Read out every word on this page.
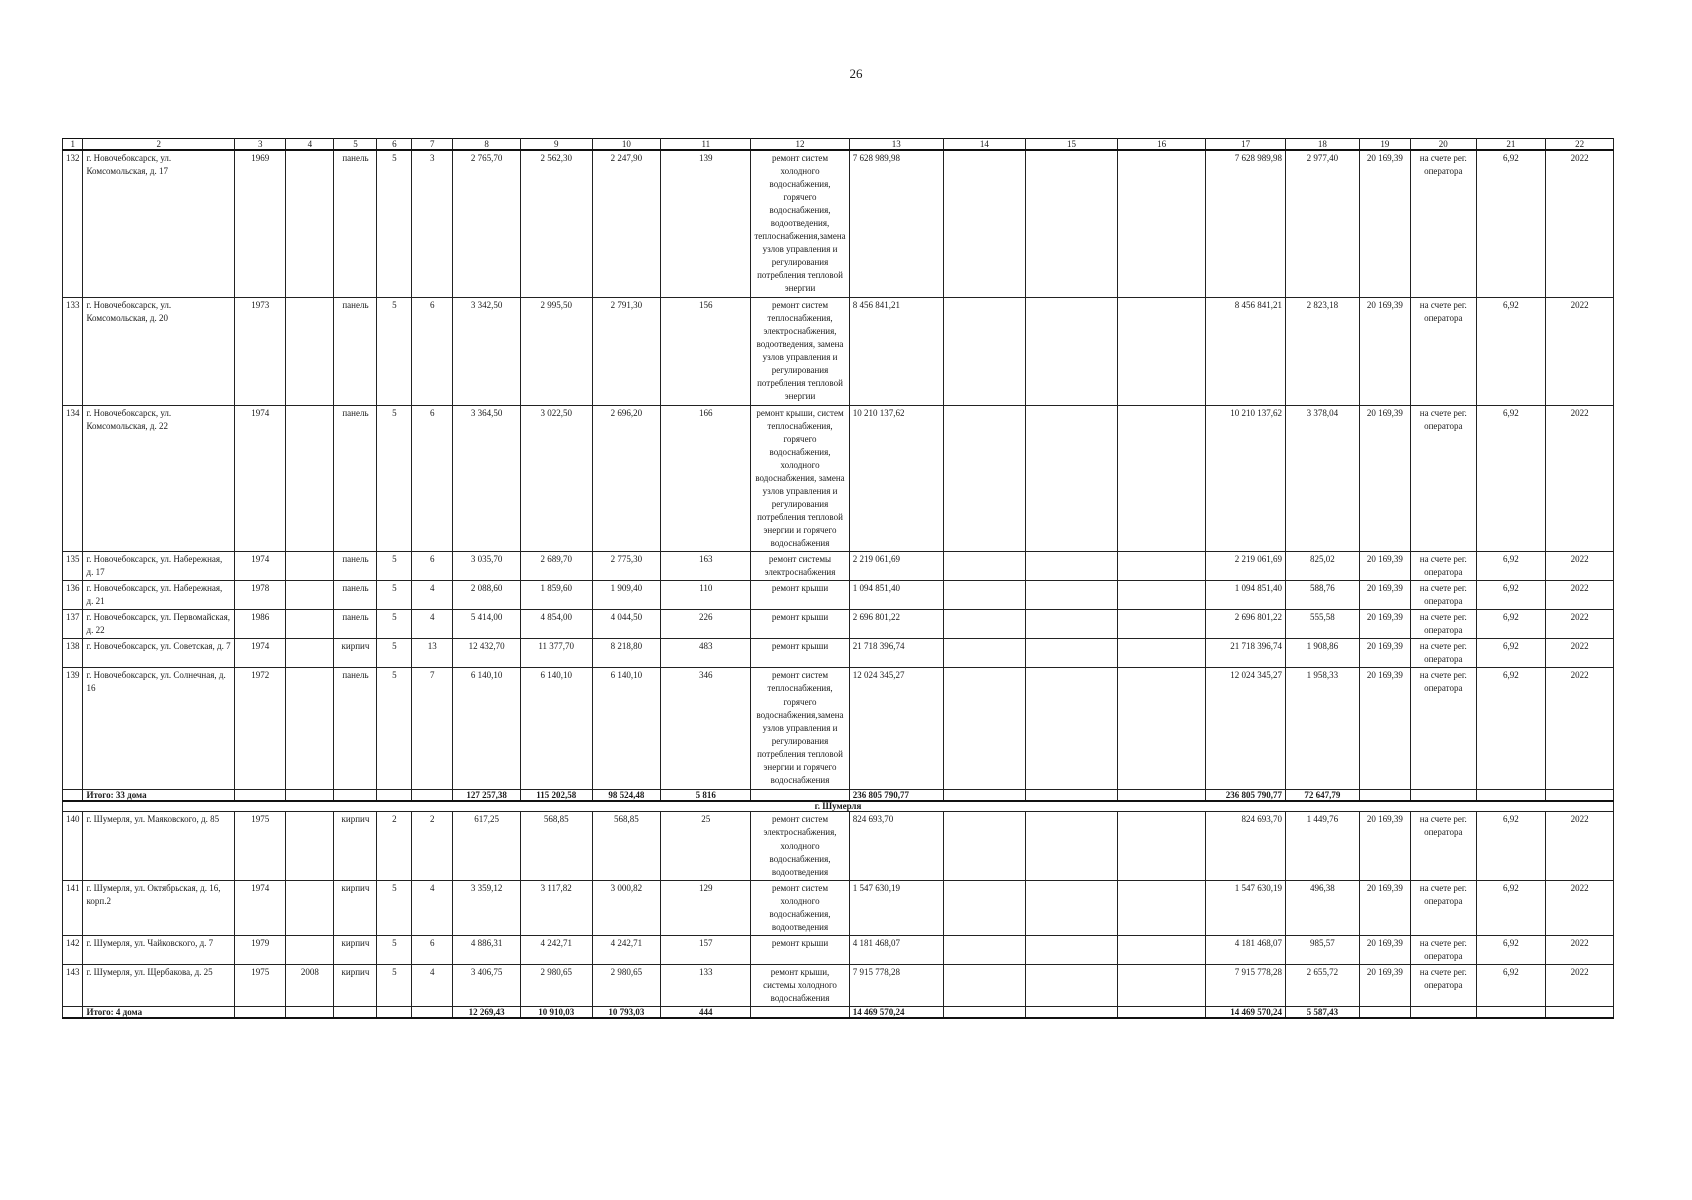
26
1	2	3	4	5	6	7	8	9	10	11	12	13	14	15	16	17	18	19	20	21	22
132	г. Новочебоксарск, ул. Комсомольская, д. 17	1969		панель	5	3	2 765,70	2 562,30	2 247,90	139	ремонт систем холодного водоснабжения, горячего водоснабжения, водоотведения, теплоснабжения,замена узлов управления и регулирования потребления тепловой энергии	7 628 989,98				7 628 989,98	2 977,40	20 169,39	на счете рег. оператора	6,92	2022
133	г. Новочебоксарск, ул. Комсомольская, д. 20	1973		панель	5	6	3 342,50	2 995,50	2 791,30	156	ремонт систем теплоснабжения, электроснабжения, водоотведения, замена узлов управления и регулирования потребления тепловой энергии	8 456 841,21				8 456 841,21	2 823,18	20 169,39	на счете рег. оператора	6,92	2022
134	г. Новочебоксарск, ул. Комсомольская, д. 22	1974		панель	5	6	3 364,50	3 022,50	2 696,20	166	ремонт крыши, систем теплоснабжения, горячего водоснабжения, холодного водоснабжения, замена узлов управления и регулирования потребления тепловой энергии и горячего водоснабжения	10 210 137,62				10 210 137,62	3 378,04	20 169,39	на счете рег. оператора	6,92	2022
135	г. Новочебоксарск, ул. Набережная, д. 17	1974		панель	5	6	3 035,70	2 689,70	2 775,30	163	ремонт системы электроснабжения	2 219 061,69				2 219 061,69	825,02	20 169,39	на счете рег. оператора	6,92	2022
136	г. Новочебоксарск, ул. Набережная, д. 21	1978		панель	5	4	2 088,60	1 859,60	1 909,40	110	ремонт крыши	1 094 851,40				1 094 851,40	588,76	20 169,39	на счете рег. оператора	6,92	2022
137	г. Новочебоксарск, ул. Первомайская, д. 22	1986		панель	5	4	5 414,00	4 854,00	4 044,50	226	ремонт крыши	2 696 801,22				2 696 801,22	555,58	20 169,39	на счете рег. оператора	6,92	2022
138	г. Новочебоксарск, ул. Советская, д. 7	1974		кирпич	5	13	12 432,70	11 377,70	8 218,80	483	ремонт крыши	21 718 396,74				21 718 396,74	1 908,86	20 169,39	на счете рег. оператора	6,92	2022
139	г. Новочебоксарск, ул. Солнечная, д. 16	1972		панель	5	7	6 140,10	6 140,10	6 140,10	346	ремонт систем теплоснабжения, горячего водоснабжения,замена узлов управления и регулирования потребления тепловой энергии и горячего водоснабжения	12 024 345,27				12 024 345,27	1 958,33	20 169,39	на счете рег. оператора	6,92	2022
	Итого: 33 дома						127 257,38	115 202,58	98 524,48	5 816		236 805 790,77				236 805 790,77	72 647,79				
г. Шумерля																					
140	г. Шумерля, ул. Маяковского, д. 85	1975		кирпич	2	2	617,25	568,85	568,85	25	ремонт систем электроснабжения, холодного водоснабжения, водоотведения	824 693,70				824 693,70	1 449,76	20 169,39	на счете рег. оператора	6,92	2022
141	г. Шумерля, ул. Октябрьская, д. 16, корп.2	1974		кирпич	5	4	3 359,12	3 117,82	3 000,82	129	ремонт систем холодного водоснабжения, водоотведения	1 547 630,19				1 547 630,19	496,38	20 169,39	на счете рег. оператора	6,92	2022
142	г. Шумерля, ул. Чайковского, д. 7	1979		кирпич	5	6	4 886,31	4 242,71	4 242,71	157	ремонт крыши	4 181 468,07				4 181 468,07	985,57	20 169,39	на счете рег. оператора	6,92	2022
143	г. Шумерля, ул. Щербакова, д. 25	1975	2008	кирпич	5	4	3 406,75	2 980,65	2 980,65	133	ремонт крыши, системы холодного водоснабжения	7 915 778,28				7 915 778,28	2 655,72	20 169,39	на счете рег. оператора	6,92	2022
	Итого: 4 дома						12 269,43	10 910,03	10 793,03	444		14 469 570,24				14 469 570,24	5 587,43				
